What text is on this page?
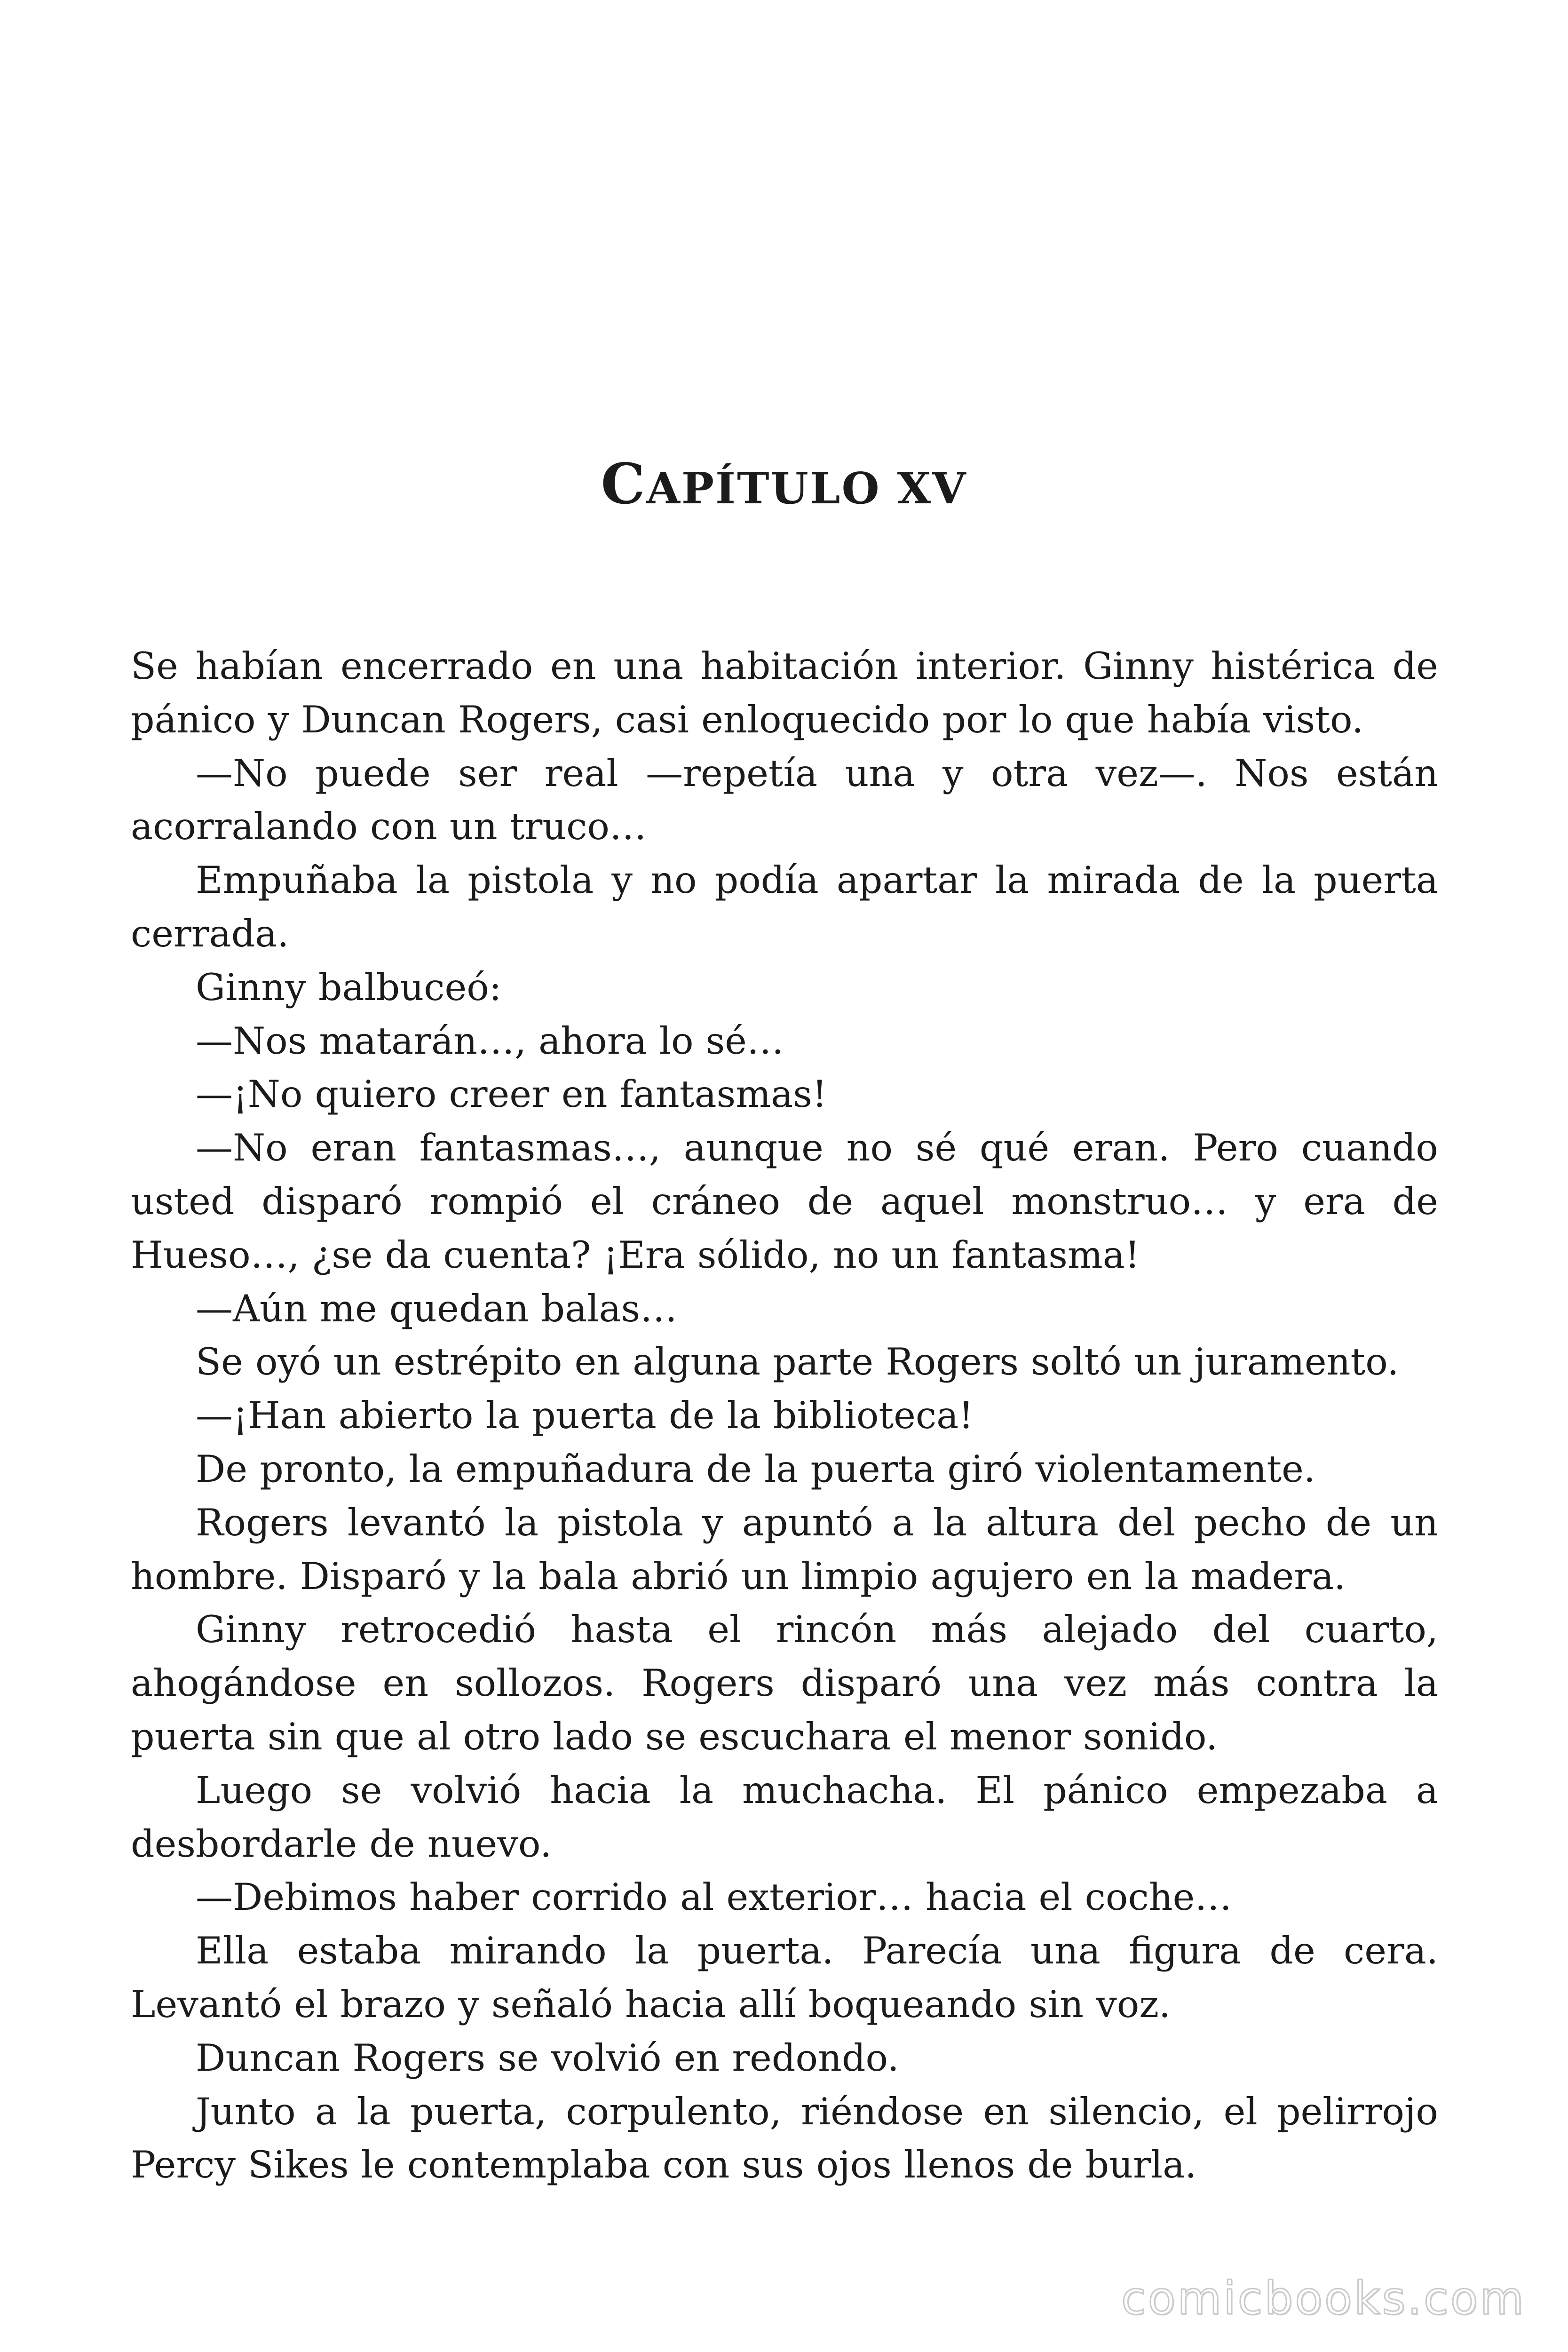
CAPÍTULO XV

Se habían encerrado en una habitación interior. Ginny histérica de pánico y Duncan Rogers, casi enloquecido por lo que había visto.

—No puede ser real —repetía una y otra vez—. Nos están acorralando con un truco…

Empuñaba la pistola y no podía apartar la mirada de la puerta cerrada.

Ginny balbuceó:

—Nos matarán…, ahora lo sé…

—¡No quiero creer en fantasmas!

—No eran fantasmas…, aunque no sé qué eran. Pero cuando usted disparó rompió el cráneo de aquel monstruo… y era de Hueso…, ¿se da cuenta? ¡Era sólido, no un fantasma!

—Aún me quedan balas…

Se oyó un estrépito en alguna parte Rogers soltó un juramento.

—¡Han abierto la puerta de la biblioteca!

De pronto, la empuñadura de la puerta giró violentamente.

Rogers levantó la pistola y apuntó a la altura del pecho de un hombre. Disparó y la bala abrió un limpio agujero en la madera.

Ginny retrocedió hasta el rincón más alejado del cuarto, ahogándose en sollozos. Rogers disparó una vez más contra la puerta sin que al otro lado se escuchara el menor sonido.

Luego se volvió hacia la muchacha. El pánico empezaba a desbordarle de nuevo.

—Debimos haber corrido al exterior… hacia el coche…

Ella estaba mirando la puerta. Parecía una figura de cera. Levantó el brazo y señaló hacia allí boqueando sin voz.

Duncan Rogers se volvió en redondo.

Junto a la puerta, corpulento, riéndose en silencio, el pelirrojo Percy Sikes le contemplaba con sus ojos llenos de burla.

comicbooks.com
